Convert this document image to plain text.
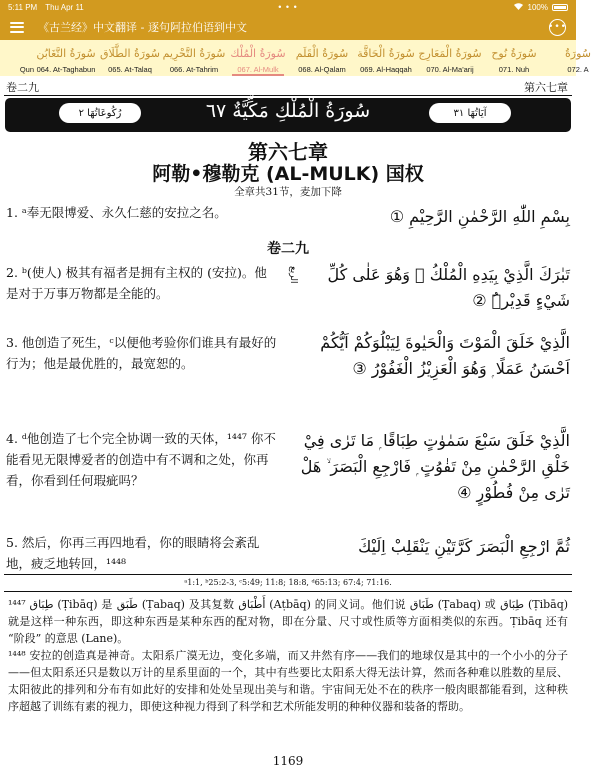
5:11 PM Thu Apr 11	• • •	100%
《古兰经》中文翻译 - 逐句阿拉伯语到中文	•••
Qun
سُورَةُ التَّغَابُن
064. At-Taghabun
سُورَةُ الطَّلَاق
065. At-Talaq
سُورَةُ التَّحْرِيم
066. At-Tahrim
سُورَةُ الْمُلْك
067. Al-Mulk
سُورَةُ الْقَلَم
068. Al-Qalam
سُورَةُ الْحَاقَّة
069. Al-Haqqah
سُورَةُ الْمَعَارِج
070. Al-Ma'arij
سُورَةُ نُوح
071. Nuh
سُورَةُ
072. A
卷二九	第六七章
سُورَةُ الْمُلْكِ مَكِّيَّةٌ ٦٧
رُكُوعَاتُهَا ٢	آيَاتُهَا ٣١
第六七章
阿勒•穆勒克 (AL-MULK) 国权
全章共31节，麦加下降
1. ᵃ奉无限博爱、永久仁慈的安拉之名。	بِسْمِ اللّٰهِ الرَّحْمٰنِ الرَّحِيْمِ ①
卷二九
2. ᵇ(使人) 极其有福者是拥有主权的 (安拉)。他是对于万事万物都是全能的。
الربع	تَبٰرَكَ الَّذِيْ بِيَدِهِ الْمُلْكُ ۫ وَهُوَ عَلٰى كُلِّ شَيْءٍ قَدِيْرُۨ ②
3. 他创造了死生，ᶜ以便他考验你们谁具有最好的行为；他是最优胜的，最宽恕的。
الَّذِيْ خَلَقَ الْمَوْتَ وَالْحَيٰوةَ لِيَبْلُوَكُمْ اَيُّكُمْ اَحْسَنُ عَمَلًا ۭ وَهُوَ الْعَزِيْزُ الْغَفُوْرُ ③
4. ᵈ他创造了七个完全协调一致的天体，¹⁴⁴⁷ 你不能看见无限博爱者的创造中有不调和之处，你再看，你看到任何瑕疵吗？
الَّذِيْ خَلَقَ سَبْعَ سَمٰوٰتٍ طِبَاقًا ۭ مَا تَرٰى فِيْ خَلْقِ الرَّحْمٰنِ مِنْ تَفٰوُتٍ ۭ فَارْجِعِ الْبَصَرَ ۙ هَلْ تَرٰى مِنْ فُطُوْرٍ ④
5. 然后，你再三再四地看，你的眼睛将会紊乱地，疲乏地转回，¹⁴⁴⁸
ثُمَّ ارْجِعِ الْبَصَرَ كَرَّتَيْنِ يَنْقَلِبْ اِلَيْكَ
ᵃ1:1, ᵇ25:2-3, ᶜ5:49; 11:8; 18:8, ᵈ65:13; 67:4; 71:16.
¹⁴⁴⁷ طِبَاق (Ṭibāq) 是 طَبَق (Ṭabaq) 及其复数 أَطْبَاق (Aṭbāq) 的同义词。他们说 طَبَاق (Ṭabaq) 或 طِبَاق (Ṭibāq) 就是这样一种东西，即这种东西是某种东西的配对物，即在分量、尺寸或性质等方面相类似的东西。Ṭibāq 还有 “阶段” 的意思 (Lane)。
¹⁴⁴⁸ 安拉的创造真是神奇。太阳系广漠无边，变化多端，而又井然有序——我们的地球仅是其中的一个小小的分子——但太阳系还只是数以万计的星系里面的一个，其中有些要比太阳系大得无法计算，然而各种难以胜数的星辰、太阳彼此的排列和分布有如此好的安排和处处呈现出美与和谐。宇宙间无处不在的秩序一般肉眼都能看到，这种秩序超越了训练有素的视力，即使这种视力得到了科学和艺术所能发明的种种仪器和装备的帮助。
1169
